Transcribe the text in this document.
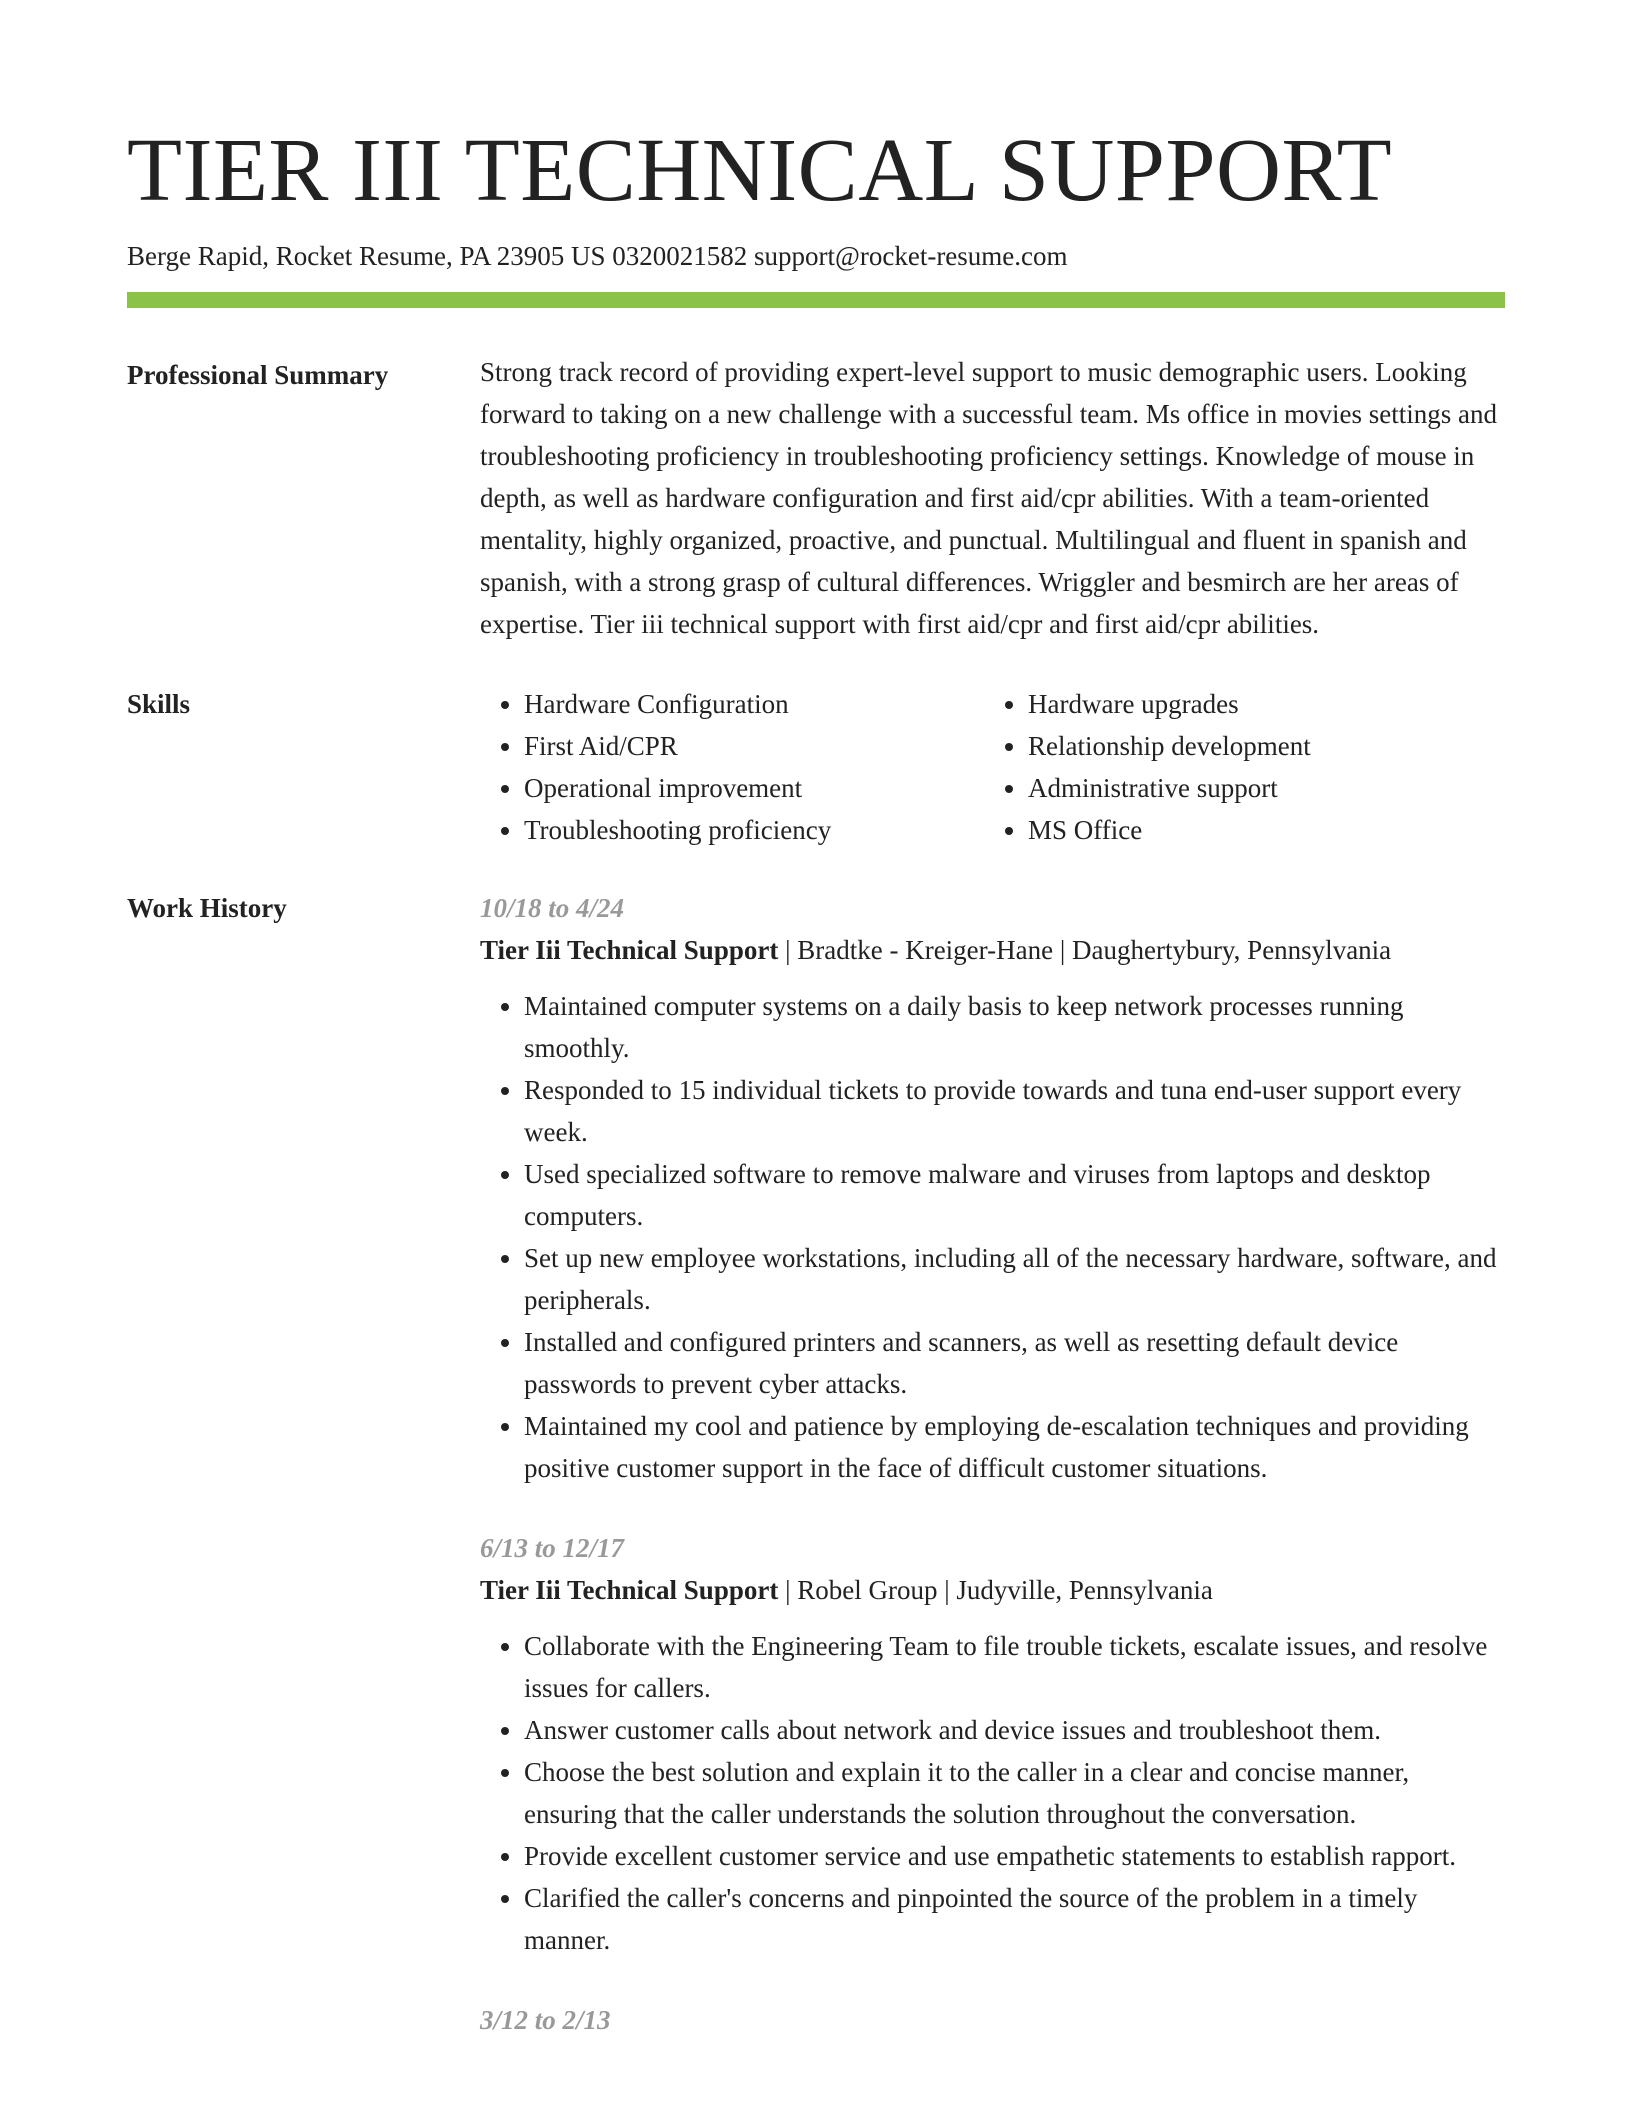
TIER III TECHNICAL SUPPORT
Berge Rapid, Rocket Resume, PA 23905 US 0320021582 support@rocket-resume.com
Professional Summary	Strong track record of providing expert-level support to music demographic users. Looking forward to taking on a new challenge with a successful team. Ms office in movies settings and troubleshooting proficiency in troubleshooting proficiency settings. Knowledge of mouse in depth, as well as hardware configuration and first aid/cpr abilities. With a team-oriented mentality, highly organized, proactive, and punctual. Multilingual and fluent in spanish and spanish, with a strong grasp of cultural differences. Wriggler and besmirch are her areas of expertise. Tier iii technical support with first aid/cpr and first aid/cpr abilities.
Skills
•	Hardware Configuration
• First Aid/CPR
• Operational improvement
• Troubleshooting proficiency
• Hardware upgrades
• Relationship development
• Administrative support
• MS Office
Work History	10/18 to 4/24
Tier Iii Technical Support | Bradtke - Kreiger-Hane | Daughertybury, Pennsylvania
• Maintained computer systems on a daily basis to keep network processes running smoothly.
• Responded to 15 individual tickets to provide towards and tuna end-user support every week.
• Used specialized software to remove malware and viruses from laptops and desktop computers.
• Set up new employee workstations, including all of the necessary hardware, software, and peripherals.
• Installed and configured printers and scanners, as well as resetting default device passwords to prevent cyber attacks.
• Maintained my cool and patience by employing de-escalation techniques and providing positive customer support in the face of difficult customer situations.
6/13 to 12/17
Tier Iii Technical Support | Robel Group | Judyville, Pennsylvania
• Collaborate with the Engineering Team to file trouble tickets, escalate issues, and resolve issues for callers.
• Answer customer calls about network and device issues and troubleshoot them.
• Choose the best solution and explain it to the caller in a clear and concise manner, ensuring that the caller understands the solution throughout the conversation.
• Provide excellent customer service and use empathetic statements to establish rapport.
• Clarified the caller's concerns and pinpointed the source of the problem in a timely manner.
3/12 to 2/13
